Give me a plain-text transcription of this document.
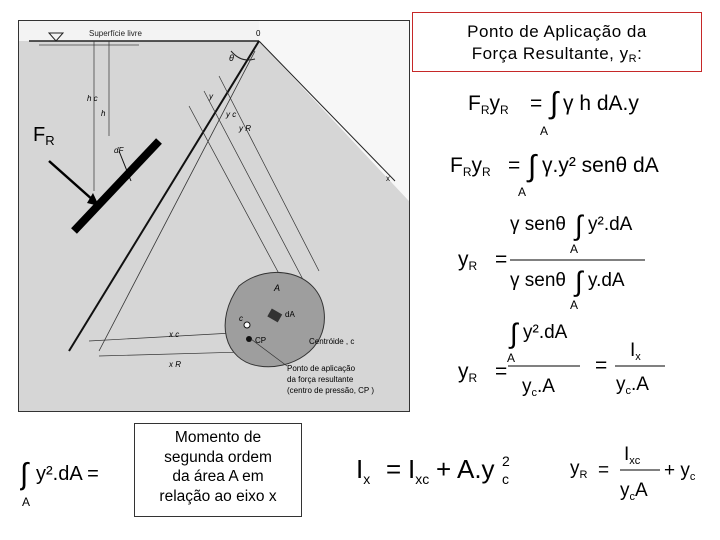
Superfície livre
x
0
θ
y
y c
y R
h c
h
dF
$F_R$
x c
x R
dA
A
c
CP	Centróide , c
Ponto de aplicação
da força resultante
(centro de pressão, CP )
Ponto de Aplicação da
Força Resultante, $y_R$:
FRyR = ∫
A
γ h dA.y
FRyR = ∫
A
γ.y² senθ dA
yR =
γ senθ ∫
A
y².dA
γ senθ ∫
A
y.dA
yR =
∫
A
y².dA
$y_c.A$
=
$I_x$
$y_c.A$
∫
A
y².dA =
Momento de
segunda ordem
da área A em
relação ao eixo x
$I_x = I_{xc} + A.y$ 2
c	$y_R$ =
$I_{xc}$
$y_cA$
+ $y_c$
